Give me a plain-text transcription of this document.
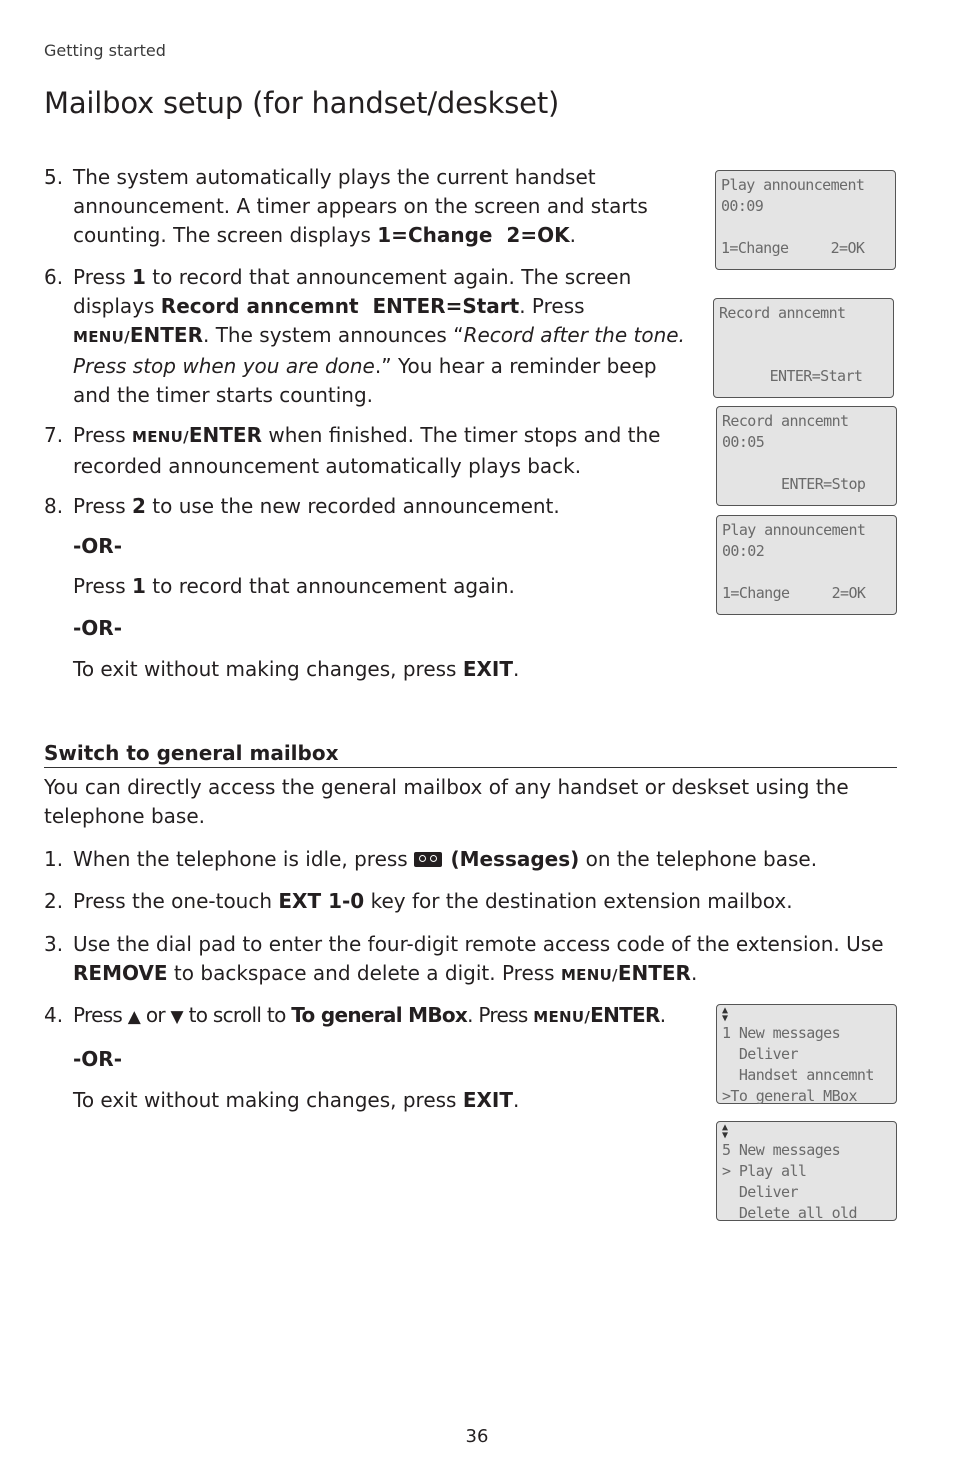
Getting started
Mailbox setup (for handset/deskset)
5. The system automatically plays the current handset announcement. A timer appears on the screen and starts counting. The screen displays 1=Change  2=OK.
6. Press 1 to record that announcement again. The screen displays Record anncemnt  ENTER=Start. Press MENU/ENTER. The system announces “Record after the tone. Press stop when you are done.” You hear a reminder beep and the timer starts counting.
7. Press MENU/ENTER when finished. The timer stops and the recorded announcement automatically plays back.
8. Press 2 to use the new recorded announcement.
-OR-
Press 1 to record that announcement again.
-OR-
To exit without making changes, press EXIT.
Play announcement
00:09
1=Change     2=OK
Record anncemnt
ENTER=Start
Record anncemnt
00:05
ENTER=Stop
Play announcement
00:02
1=Change     2=OK
Switch to general mailbox
You can directly access the general mailbox of any handset or deskset using the telephone base.
1. When the telephone is idle, press  (Messages) on the telephone base.
2. Press the one-touch EXT 1-0 key for the destination extension mailbox.
3. Use the dial pad to enter the four-digit remote access code of the extension. Use REMOVE to backspace and delete a digit. Press MENU/ENTER.
4. Press ▲ or ▼ to scroll to To general MBox. Press MENU/ENTER.
-OR-
To exit without making changes, press EXIT.
▲
▼
1 New messages
Deliver
Handset anncemnt
>To general MBox
▲
▼
5 New messages
> Play all
Deliver
Delete all old
36
